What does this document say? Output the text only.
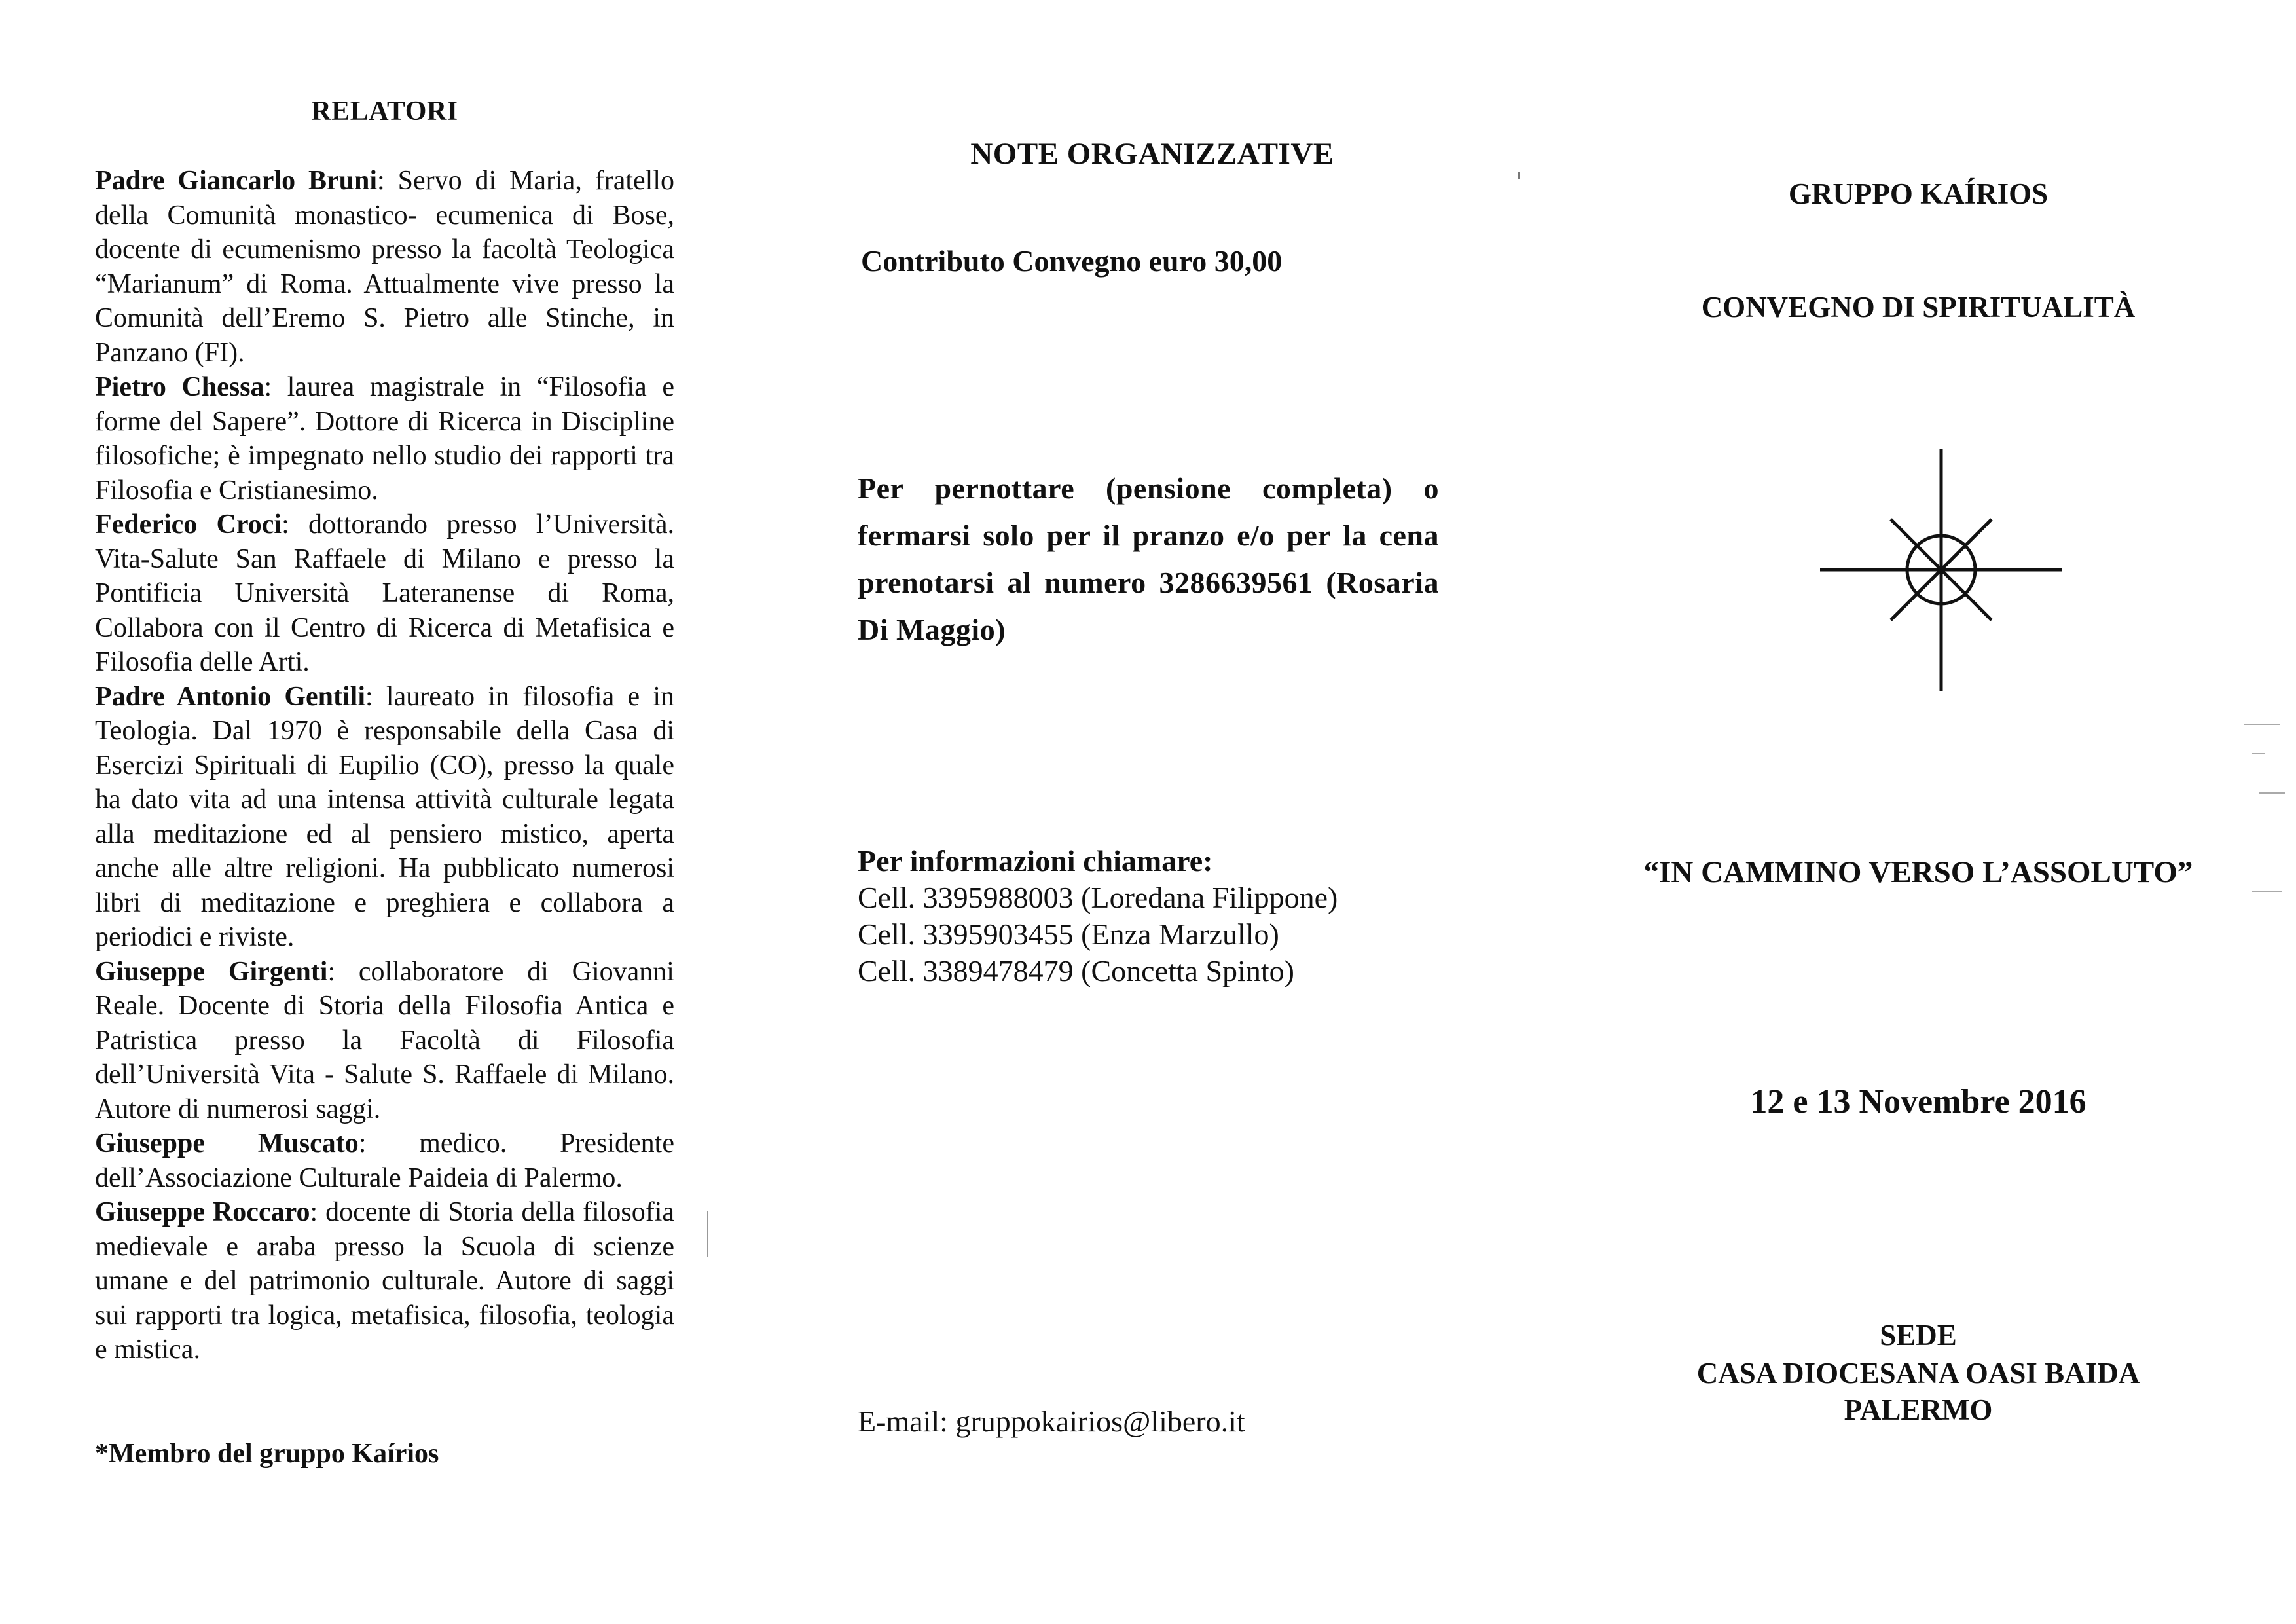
RELATORI

Padre Giancarlo Bruni: Servo di Maria, fratello della Comunità monastico- ecumenica di Bose, docente di ecumenismo presso la facoltà Teologica “Marianum” di Roma. Attualmente vive presso la Comunità dell’Eremo S. Pietro alle Stinche, in Panzano (FI).

Pietro Chessa: laurea magistrale in “Filosofia e forme del Sapere”. Dottore di Ricerca in Discipline filosofiche; è impegnato nello studio dei rapporti tra Filosofia e Cristianesimo.

Federico Croci: dottorando presso l’Università. Vita-Salute San Raffaele di Milano e presso la Pontificia Università Lateranense di Roma, Collabora con il Centro di Ricerca di Metafisica e Filosofia delle Arti.

Padre Antonio Gentili: laureato in filosofia e in Teologia. Dal 1970 è responsabile della Casa di Esercizi Spirituali di Eupilio (CO), presso la quale ha dato vita ad una intensa attività culturale legata alla meditazione ed al pensiero mistico, aperta anche alle altre religioni. Ha pubblicato numerosi libri di meditazione e preghiera e collabora a periodici e riviste.

Giuseppe Girgenti: collaboratore di Giovanni Reale. Docente di Storia della Filosofia Antica e Patristica presso la Facoltà di Filosofia dell’Università Vita - Salute S. Raffaele di Milano. Autore di numerosi saggi.

Giuseppe Muscato: medico. Presidente dell’Associazione Culturale Paideia di Palermo.

Giuseppe Roccaro: docente di Storia della filosofia medievale e araba presso la Scuola di scienze umane e del patrimonio culturale. Autore di saggi sui rapporti tra logica, metafisica, filosofia, teologia e mistica.

*Membro del gruppo Kaírios
NOTE ORGANIZZATIVE
Contributo Convegno euro 30,00

Per pernottare (pensione completa) o fermarsi solo per il pranzo e/o per la cena prenotarsi al numero 3286639561 (Rosaria Di Maggio)

Per informazioni chiamare:
Cell. 3395988003 (Loredana Filippone)
Cell. 3395903455 (Enza Marzullo)
Cell. 3389478479 (Concetta Spinto)
E-mail: gruppokairios@libero.it
GRUPPO KAÍRIOS
CONVEGNO DI SPIRITUALITÀ
“IN CAMMINO VERSO L’ASSOLUTO”
12 e 13 Novembre 2016
SEDE
CASA DIOCESANA OASI BAIDA
PALERMO
